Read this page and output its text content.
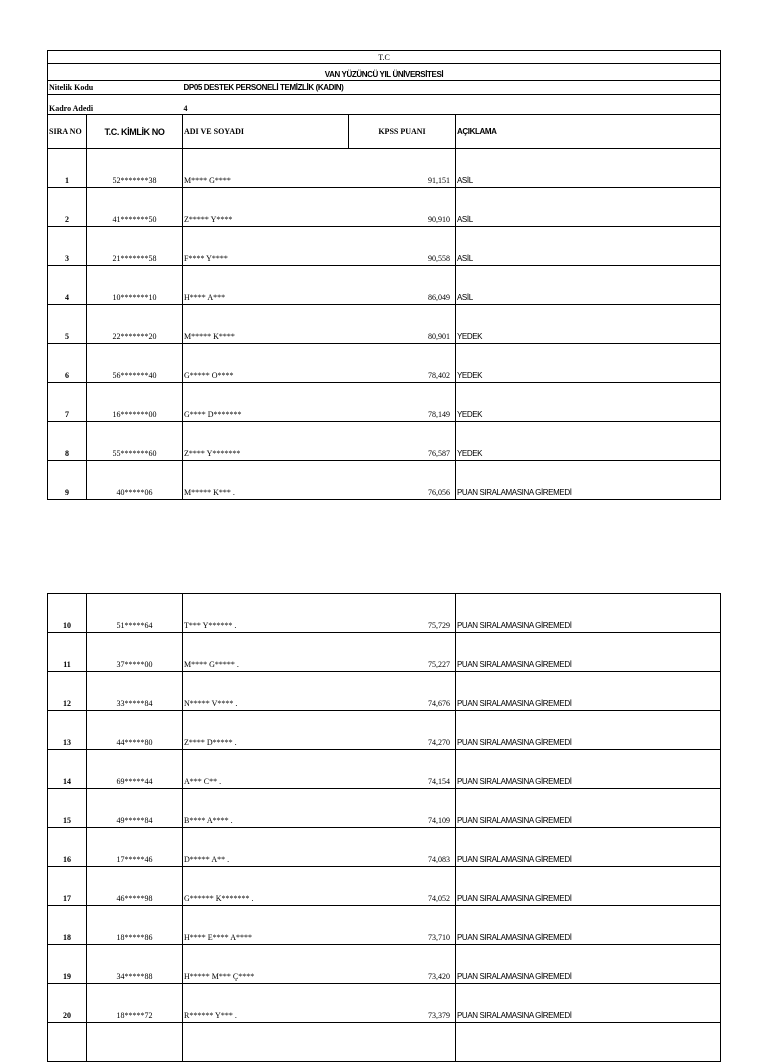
T.C				
VAN YÜZÜNCÜ YIL ÜNİVERSİTESİ				
Nitelik Kodu		DP05 DESTEK PERSONELİ TEMİZLİK (KADIN)		
Kadro Adedi		4		
SIRA NO	T.C. KİMLİK NO	ADI VE SOYADI	KPSS PUANI	AÇIKLAMA
1	52*******38	M**** G****	91,151	ASİL
2	41*******50	Z***** Y****	90,910	ASİL
3	21*******58	F**** Y****	90,558	ASİL
4	10*******10	H**** A***	86,049	ASİL
5	22*******20	M***** K****	80,901	YEDEK
6	56*******40	G***** O****	78,402	YEDEK
7	16*******00	G**** D*******	78,149	YEDEK
8	55*******60	Z**** Y*******	76,587	YEDEK
9	40*****06	M***** K*** .	76,056	PUAN SIRALAMASINA GİREMEDİ
10	51*****64	T*** Y****** .	75,729	PUAN SIRALAMASINA GİREMEDİ
11	37*****00	M**** G***** .	75,227	PUAN SIRALAMASINA GİREMEDİ
12	33*****84	N***** V**** .	74,676	PUAN SIRALAMASINA GİREMEDİ
13	44*****80	Z**** D***** .	74,270	PUAN SIRALAMASINA GİREMEDİ
14	69*****44	A*** C** .	74,154	PUAN SIRALAMASINA GİREMEDİ
15	49*****84	B**** A**** .	74,109	PUAN SIRALAMASINA GİREMEDİ
16	17*****46	D***** A** .	74,083	PUAN SIRALAMASINA GİREMEDİ
17	46*****98	G****** K******* .	74,052	PUAN SIRALAMASINA GİREMEDİ
18	18*****86	H**** E**** A****	73,710	PUAN SIRALAMASINA GİREMEDİ
19	34*****88	H***** M*** Ç****	73,420	PUAN SIRALAMASINA GİREMEDİ
20	18*****72	R****** Y*** .	73,379	PUAN SIRALAMASINA GİREMEDİ
